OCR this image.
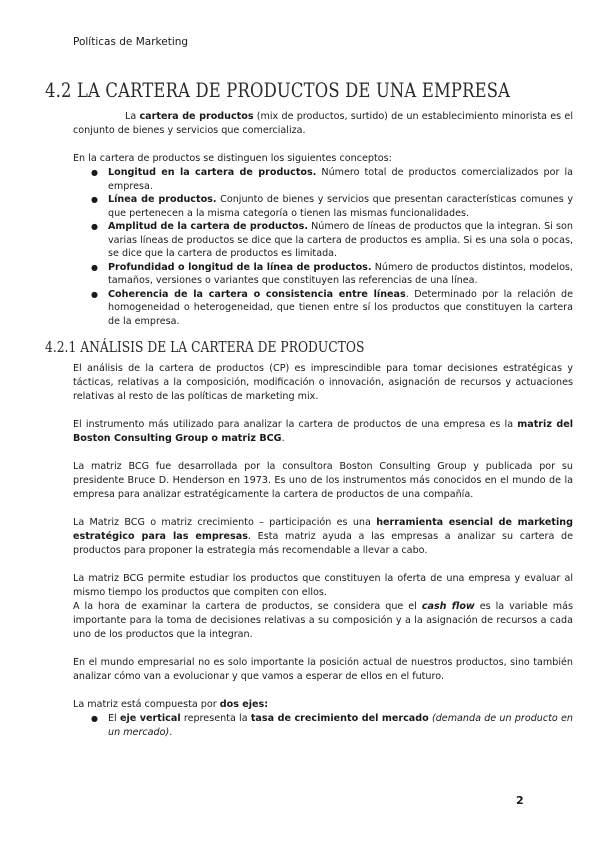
Políticas de Marketing
4.2 LA CARTERA DE PRODUCTOS DE UNA EMPRESA

La cartera de productos (mix de productos, surtido) de un establecimiento minorista es el conjunto de bienes y servicios que comercializa.

En la cartera de productos se distinguen los siguientes conceptos:

● Longitud en la cartera de productos. Número total de productos comercializados por la empresa.
● Línea de productos. Conjunto de bienes y servicios que presentan características comunes y que pertenecen a la misma categoría o tienen las mismas funcionalidades.
● Amplitud de la cartera de productos. Número de líneas de productos que la integran. Si son varias líneas de productos se dice que la cartera de productos es amplia. Si es una sola o pocas, se dice que la cartera de productos es limitada.
● Profundidad o longitud de la línea de productos. Número de productos distintos, modelos, tamaños, versiones o variantes que constituyen las referencias de una línea.
● Coherencia de la cartera o consistencia entre líneas. Determinado por la relación de homogeneidad o heterogeneidad, que tienen entre sí los productos que constituyen la cartera de la empresa.
4.2.1 ANÁLISIS DE LA CARTERA DE PRODUCTOS

El análisis de la cartera de productos (CP) es imprescindible para tomar decisiones estratégicas y tácticas, relativas a la composición, modificación o innovación, asignación de recursos y actuaciones relativas al resto de las políticas de marketing mix.

El instrumento más utilizado para analizar la cartera de productos de una empresa es la matriz del Boston Consulting Group o matriz BCG.

La matriz BCG fue desarrollada por la consultora Boston Consulting Group y publicada por su presidente Bruce D. Henderson en 1973. Es uno de los instrumentos más conocidos en el mundo de la empresa para analizar estratégicamente la cartera de productos de una compañía.

La Matriz BCG o matriz crecimiento – participación es una herramienta esencial de marketing estratégico para las empresas. Esta matriz ayuda a las empresas a analizar su cartera de productos para proponer la estrategia más recomendable a llevar a cabo.

La matriz BCG permite estudiar los productos que constituyen la oferta de una empresa y evaluar al mismo tiempo los productos que compiten con ellos.

A la hora de examinar la cartera de productos, se considera que el cash flow es la variable más importante para la toma de decisiones relativas a su composición y a la asignación de recursos a cada uno de los productos que la integran.

En el mundo empresarial no es solo importante la posición actual de nuestros productos, sino también analizar cómo van a evolucionar y que vamos a esperar de ellos en el futuro.

La matriz está compuesta por dos ejes:

● El eje vertical representa la tasa de crecimiento del mercado (demanda de un producto en un mercado).
2
